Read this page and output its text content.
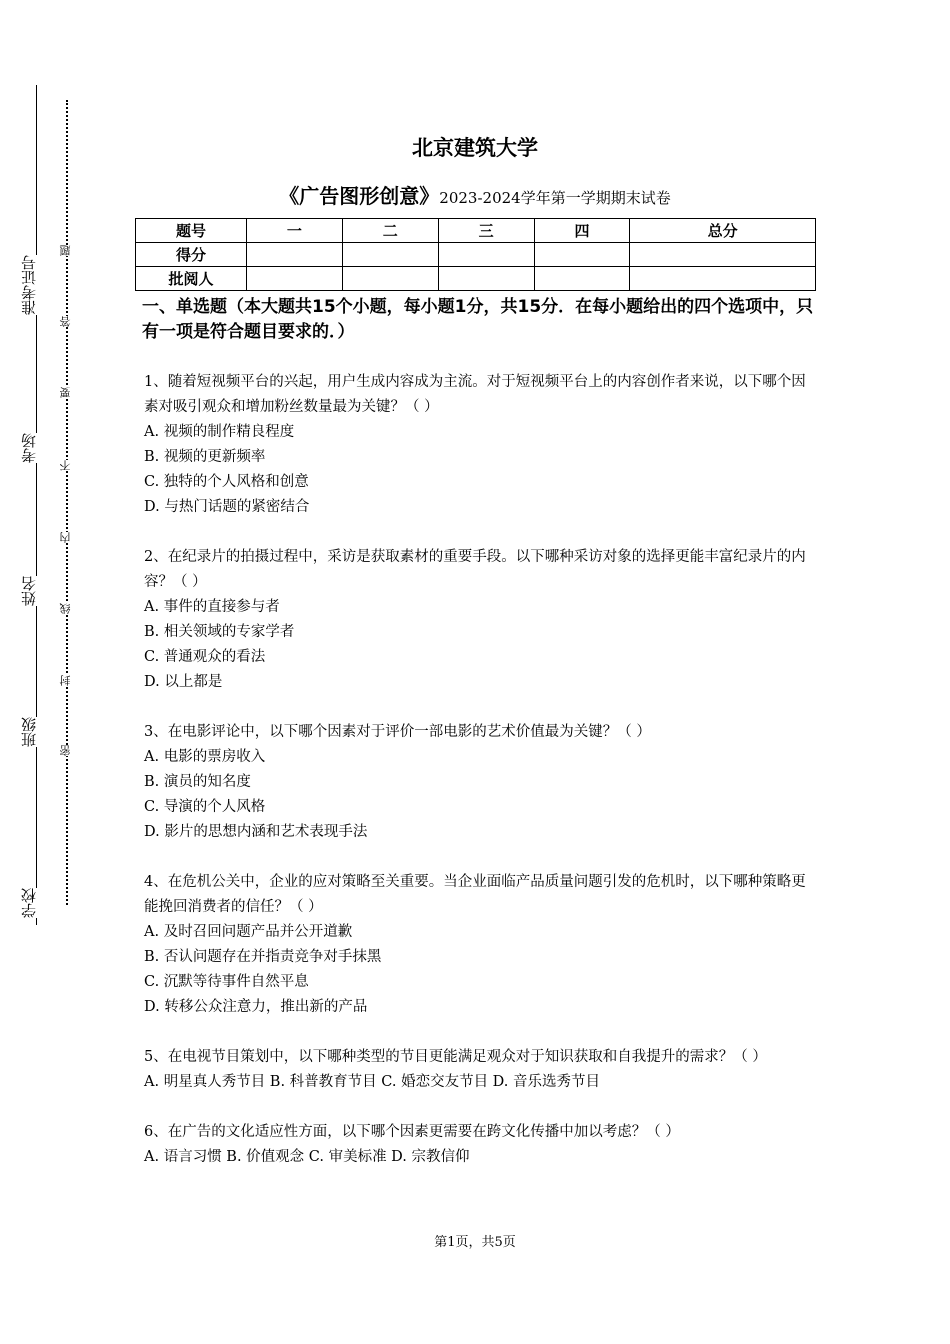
准考证号
考场
姓名
班级
学校
题
答
要
不
内
线
封
密
北京建筑大学
《广告图形创意》2023-2024学年第一学期期末试卷
题号	一	二	三	四	总分
得分					
批阅人					
一、单选题（本大题共15个小题，每小题1分，共15分．在每小题给出的四个选项中，只有一项是符合题目要求的．）
1、随着短视频平台的兴起，用户生成内容成为主流。对于短视频平台上的内容创作者来说，以下哪个因素对吸引观众和增加粉丝数量最为关键？（ ）
A. 视频的制作精良程度
B. 视频的更新频率
C. 独特的个人风格和创意
D. 与热门话题的紧密结合
2、在纪录片的拍摄过程中，采访是获取素材的重要手段。以下哪种采访对象的选择更能丰富纪录片的内容？（ ）
A. 事件的直接参与者
B. 相关领域的专家学者
C. 普通观众的看法
D. 以上都是
3、在电影评论中，以下哪个因素对于评价一部电影的艺术价值最为关键？（ ）
A. 电影的票房收入
B. 演员的知名度
C. 导演的个人风格
D. 影片的思想内涵和艺术表现手法
4、在危机公关中，企业的应对策略至关重要。当企业面临产品质量问题引发的危机时，以下哪种策略更能挽回消费者的信任？（ ）
A. 及时召回问题产品并公开道歉
B. 否认问题存在并指责竞争对手抹黑
C. 沉默等待事件自然平息
D. 转移公众注意力，推出新的产品
5、在电视节目策划中，以下哪种类型的节目更能满足观众对于知识获取和自我提升的需求？（ ）
A. 明星真人秀节目 B. 科普教育节目 C. 婚恋交友节目 D. 音乐选秀节目
6、在广告的文化适应性方面，以下哪个因素更需要在跨文化传播中加以考虑？（ ）
A. 语言习惯 B. 价值观念 C. 审美标准 D. 宗教信仰
第1页，共5页
